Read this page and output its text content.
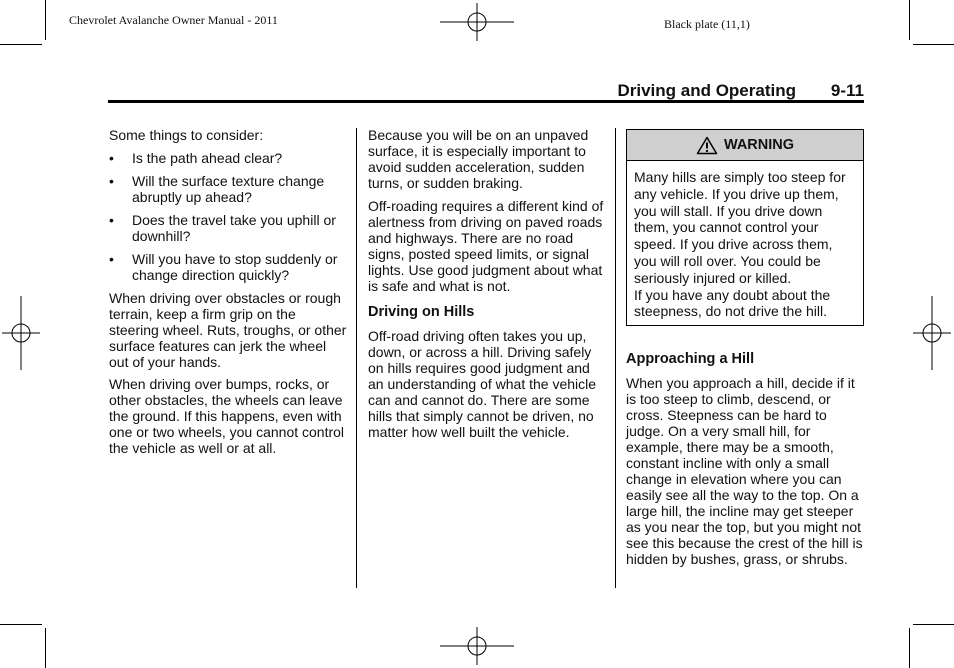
Chevrolet Avalanche Owner Manual - 2011	Black plate (11,1)
Driving and Operating 9-11

Some things to consider:

• Is the path ahead clear?
• Will the surface texture change abruptly up ahead?
• Does the travel take you uphill or downhill?
• Will you have to stop suddenly or change direction quickly?

When driving over obstacles or rough terrain, keep a firm grip on the steering wheel. Ruts, troughs, or other surface features can jerk the wheel out of your hands.

When driving over bumps, rocks, or other obstacles, the wheels can leave the ground. If this happens, even with one or two wheels, you cannot control the vehicle as well or at all.

Because you will be on an unpaved surface, it is especially important to avoid sudden acceleration, sudden turns, or sudden braking.

Off-roading requires a different kind of alertness from driving on paved roads and highways. There are no road signs, posted speed limits, or signal lights. Use good judgment about what is safe and what is not.

Driving on Hills

Off-road driving often takes you up, down, or across a hill. Driving safely on hills requires good judgment and an understanding of what the vehicle can and cannot do. There are some hills that simply cannot be driven, no matter how well built the vehicle.

WARNING

Many hills are simply too steep for any vehicle. If you drive up them, you will stall. If you drive down them, you cannot control your speed. If you drive across them, you will roll over. You could be seriously injured or killed.

If you have any doubt about the steepness, do not drive the hill.

Approaching a Hill

When you approach a hill, decide if it is too steep to climb, descend, or cross. Steepness can be hard to judge. On a very small hill, for example, there may be a smooth, constant incline with only a small change in elevation where you can easily see all the way to the top. On a large hill, the incline may get steeper as you near the top, but you might not see this because the crest of the hill is hidden by bushes, grass, or shrubs.
